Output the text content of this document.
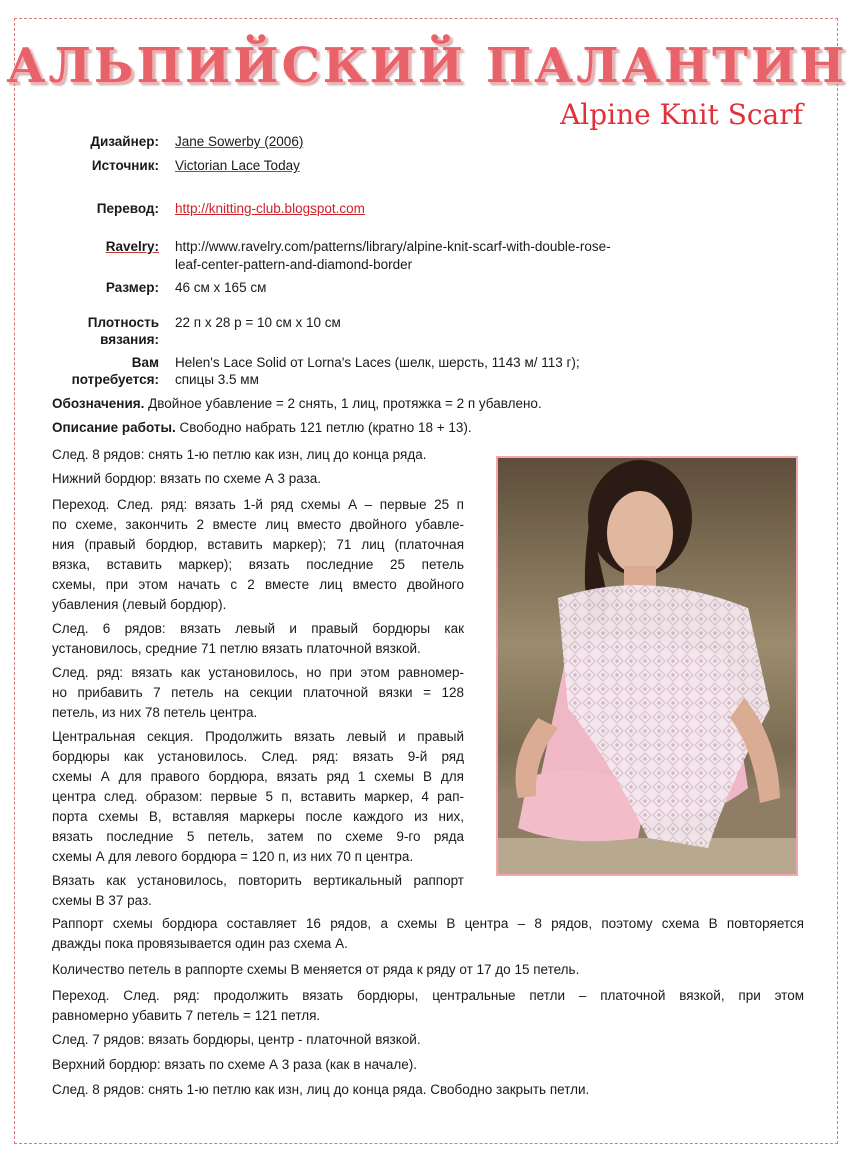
АЛЬПИЙСКИЙ ПАЛАНТИН
Alpine Knit Scarf
Дизайнер: Jane Sowerby (2006)
Источник: Victorian Lace Today
Перевод: http://knitting-club.blogspot.com
Ravelry: http://www.ravelry.com/patterns/library/alpine-knit-scarf-with-double-rose-
leaf-center-pattern-and-diamond-border
Размер: 46 см х 165 см
Плотность
вязания:
22 п х 28 р = 10 см х 10 см
Вам
потребуется:
Helen's Lace Solid от Lorna's Laces (шелк, шерсть, 1143 м/ 113 г);
спицы 3.5 мм
Обозначения. Двойное убавление = 2 снять, 1 лиц, протяжка = 2 п убавлено.
Описание работы. Свободно набрать 121 петлю (кратно 18 + 13).
След. 8 рядов: снять 1-ю петлю как изн, лиц до конца ряда.
Нижний бордюр: вязать по схеме А 3 раза.
Переход. След. ряд: вязать 1-й ряд схемы А – первые 25 п
по схеме, закончить 2 вместе лиц вместо двойного убавле-
ния (правый бордюр, вставить маркер); 71 лиц (платочная
вязка, вставить маркер); вязать последние 25 петель
схемы, при этом начать с 2 вместе лиц вместо двойного
убавления (левый бордюр).
След. 6 рядов: вязать левый и правый бордюры как
установилось, средние 71 петлю вязать платочной вязкой.
След. ряд: вязать как установилось, но при этом равномер-
но прибавить 7 петель на секции платочной вязки = 128
петель, из них 78 петель центра.
Центральная секция. Продолжить вязать левый и правый
бордюры как установилось. След. ряд: вязать 9-й ряд
схемы А для правого бордюра, вязать ряд 1 схемы В для
центра след. образом: первые 5 п, вставить маркер, 4 рап-
порта схемы В, вставляя маркеры после каждого из них,
вязать последние 5 петель, затем по схеме 9-го ряда
схемы А для левого бордюра = 120 п, из них 70 п центра.
Вязать как установилось, повторить вертикальный раппорт
схемы В 37 раз.
Раппорт схемы бордюра составляет 16 рядов, а схемы В центра – 8 рядов, поэтому схема В повторяется
дважды пока провязывается один раз схема А.
Количество петель в раппорте схемы В меняется от ряда к ряду от 17 до 15 петель.
Переход. След. ряд: продолжить вязать бордюры, центральные петли – платочной вязкой, при этом
равномерно убавить 7 петель = 121 петля.
След. 7 рядов: вязать бордюры, центр - платочной вязкой.
Верхний бордюр: вязать по схеме А 3 раза (как в начале).
След. 8 рядов: снять 1-ю петлю как изн, лиц до конца ряда. Свободно закрыть петли.
